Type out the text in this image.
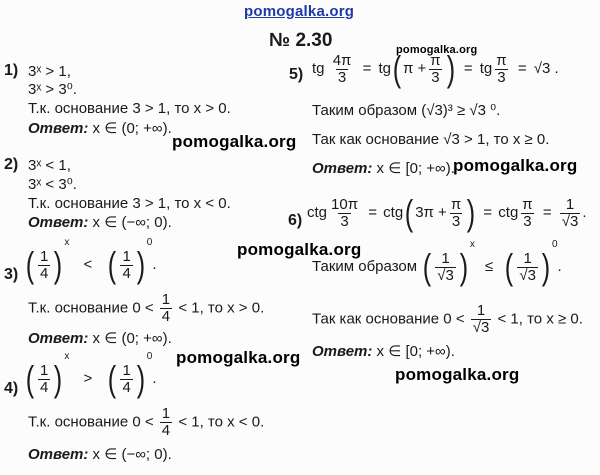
pomogalka.org
pomogalka.org
pomogalka.org
pomogalka.org
pomogalka.org
pomogalka.org
pomogalka.org
№ 2.30
1) 3ˣ > 1,
3ˣ > 3⁰.
Т.к. основание 3 > 1, то x > 0.
Ответ: x ∈ (0; +∞).
2) 3ˣ < 1,
3ˣ < 3⁰.
Т.к. основание 3 > 1, то x < 0.
Ответ: x ∈ (−∞; 0).
3) ( $\frac{1}{4}$ )
$^x$ < ( $\frac{1}{4}$ )
$^0$.
Т.к. основание $0 < \frac{1}{4} < 1$, то x > 0.
Ответ: x ∈ (0; +∞).
4) ( $\frac{1}{4}$ )
$^x$ > ( $\frac{1}{4}$ )
$^0$.
Т.к. основание $0 < \frac{1}{4} < 1$, то x < 0.
Ответ: x ∈ (−∞; 0).
5) tg $\frac{4\pi}{3}$ = tg ( $\pi + \frac{\pi}{3}$ ) = tg $\frac{\pi}{3} = √3$ .
Таким образом (√3)³ ≥ √3 ⁰.
Так как основание √3 > 1, то x ≥ 0.
Ответ: x ∈ [0; +∞).
6) ctg $\frac{10\pi}{3}$ = ctg ( $3\pi + \frac{\pi}{3}$ ) = ctg $\frac{\pi}{3} = \frac{1}{√3}$ .
Таким образом ( $\frac{1}{√3}$ )
$^x$ ≤ ( $\frac{1}{√3}$ )
$^0$.
Так как основание $0 < \frac{1}{√3} < 1$, то x ≥ 0.
Ответ: x ∈ [0; +∞).
